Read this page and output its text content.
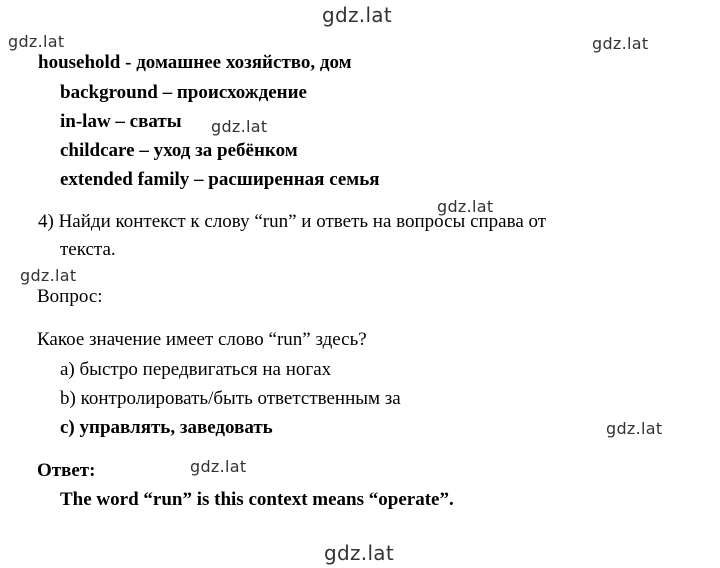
gdz.lat
gdz.lat	gdz.lat
gdz.lat
gdz.lat
gdz.lat
gdz.lat
gdz.lat
gdz.lat
household - домашнее хозяйство, дом
background – происхождение
in-law – сваты
childcare – уход за ребёнком
extended family – расширенная семья
4) Найди контекст к слову “run” и ответь на вопросы справа от
текста.
Вопрос:
Какое значение имеет слово “run” здесь?
а) быстро передвигаться на ногах
b) контролировать/быть ответственным за
с) управлять, заведовать
Ответ:
The word “run” is this context means “operate”.
